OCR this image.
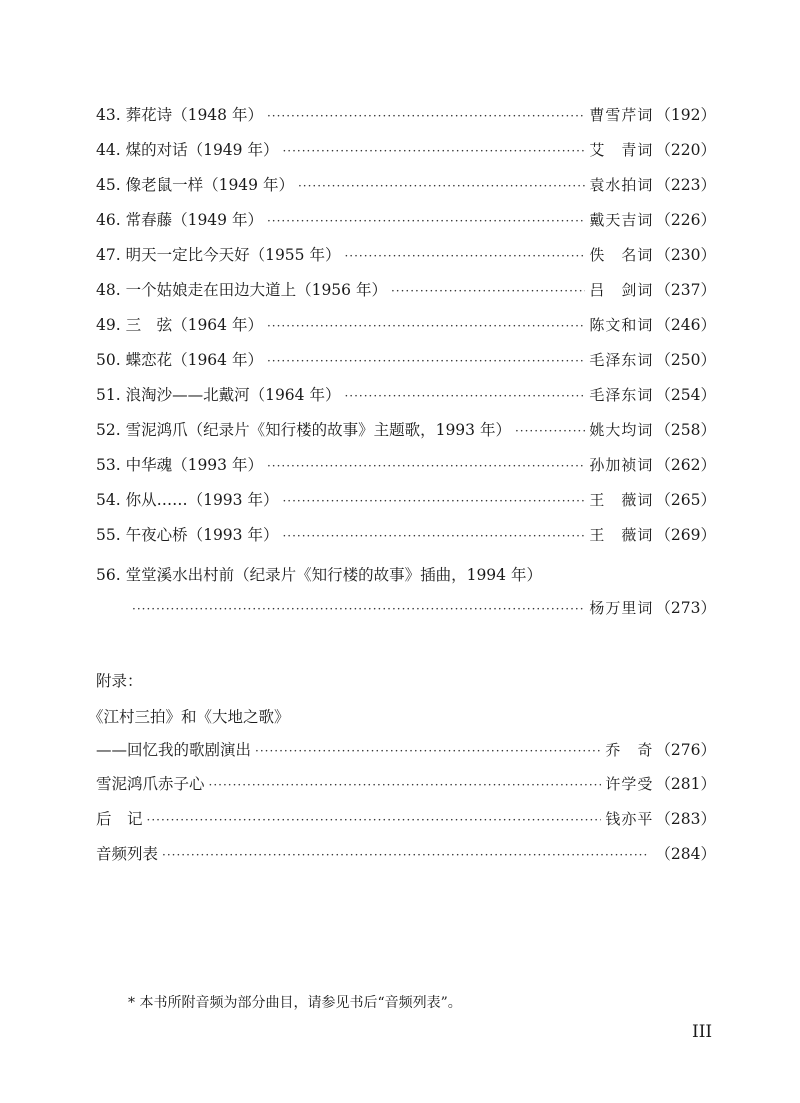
43. 葬花诗（1948 年） ·····	曹雪芹词 （192）
44. 煤的对话（1949 年） ·····	艾　青词 （220）
45. 像老鼠一样（1949 年） ·····	袁水拍词 （223）
46. 常春藤（1949 年） ·····	戴天吉词 （226）
47. 明天一定比今天好（1955 年） ·····	佚　名词 （230）
48. 一个姑娘走在田边大道上（1956 年） ·····	吕　剑词 （237）
49. 三　弦（1964 年） ·····	陈文和词 （246）
50. 蝶恋花（1964 年） ·····	毛泽东词 （250）
51. 浪淘沙——北戴河（1964 年） ·····	毛泽东词 （254）
52. 雪泥鸿爪（纪录片《知行楼的故事》主题歌，1993 年） ·····	姚大均词 （258）
53. 中华魂（1993 年） ·····	孙加祯词 （262）
54. 你从……（1993 年） ·····	王　薇词 （265）
55. 午夜心桥（1993 年） ·····	王　薇词 （269）
56. 堂堂溪水出村前（纪录片《知行楼的故事》插曲，1994 年）
·····
杨万里词 （273）
附录：
《江村三拍》和《大地之歌》
——回忆我的歌剧演出 ·····	乔　奇 （276）
雪泥鸿爪赤子心 ·····	许学受 （281）
后　记 ·····	钱亦平 （283）
音频列表 ·····	（284）
* 本书所附音频为部分曲目，请参见书后“音频列表”。
III
